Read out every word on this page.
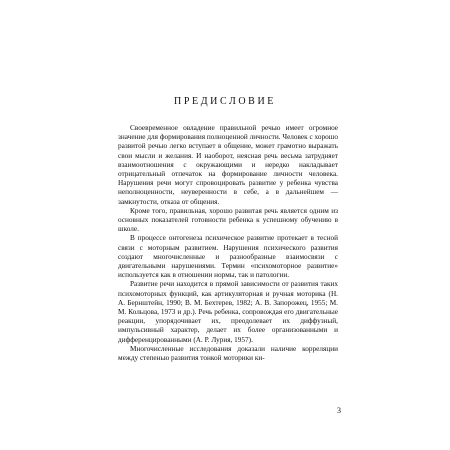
ПРЕДИСЛОВИЕ

Своевременное овладение правильной речью имеет огромное значение для формирования полноценной личности. Человек с хорошо развитой речью легко вступает в общение, может грамотно выражать свои мысли и желания. И наоборот, неясная речь весьма затрудняет взаимоотношения с окружающими и нередко накладывает отрицательный отпечаток на формирование личности человека. Нарушения речи могут спровоцировать развитие у ребенка чувства неполноценности, неуверенности в себе, а в дальнейшем — замкнутости, отказа от общения.

Кроме того, правильная, хорошо развитая речь является одним из основных показателей готовности ребенка к успешному обучению в школе.

В процессе онтогенеза психическое развитие протекает в тесной связи с моторным развитием. Нарушения психического развития создают многочисленные и разнообразные взаимосвязи с двигательными нарушениями. Термин «психомоторное развитие» используется как в отношении нормы, так и патологии.

Развитие речи находится в прямой зависимости от развития таких психомоторных функций, как артикуляторная и ручная моторика (Н. А. Бернштейн, 1990; В. М. Бехтерев, 1982; А. В. Запорожец, 1955; М. М. Кольцова, 1973 и др.). Речь ребенка, сопровождая его двигательные реакции, упорядочивает их, преодолевает их диффузный, импульсивный характер, делает их более организованными и дифференцированными (А. Р. Лурия, 1957).

Многочисленные исследования доказали наличие корреляции между степенью развития тонкой моторики ки-

3
